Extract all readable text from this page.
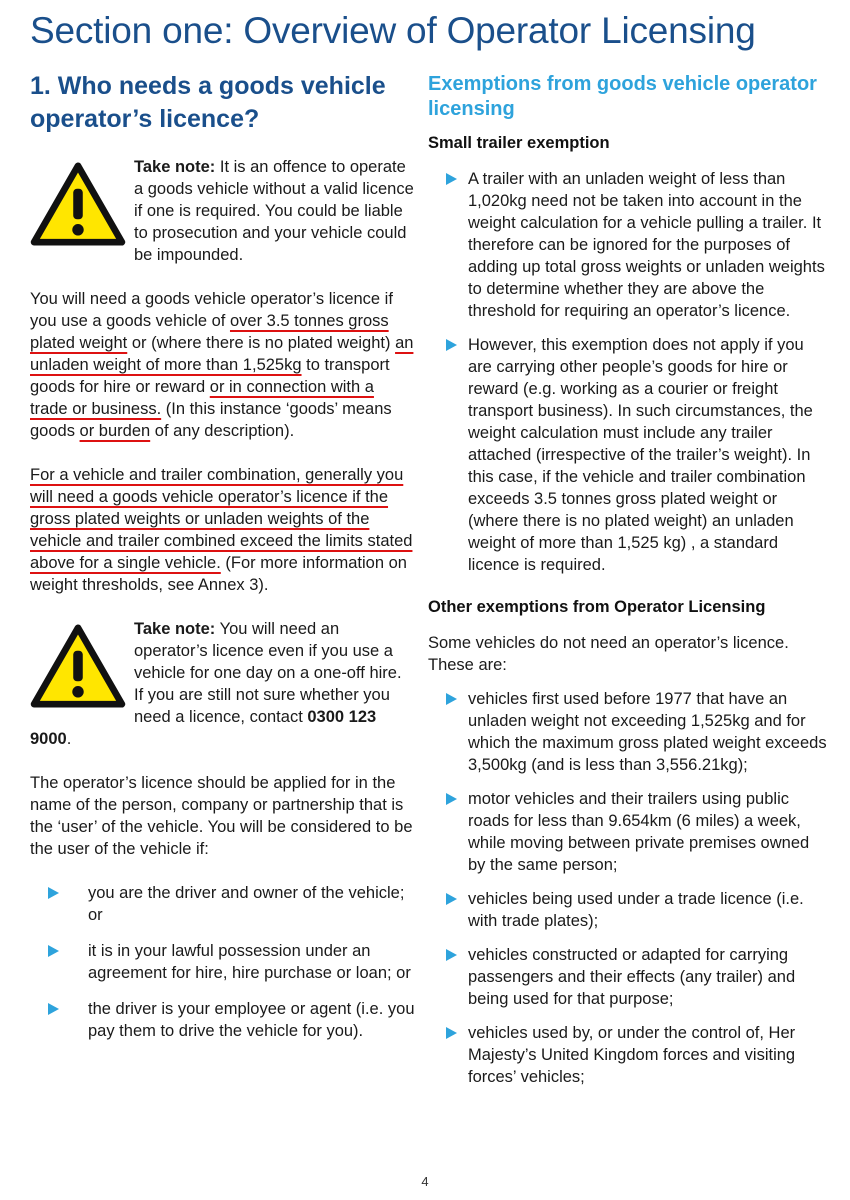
Section one: Overview of Operator Licensing
1. Who needs a goods vehicle operator’s licence?

Take note: It is an offence to operate a goods vehicle without a valid licence if one is required. You could be liable to prosecution and your vehicle could be impounded.

You will need a goods vehicle operator’s licence if you use a goods vehicle of over 3.5 tonnes gross plated weight or (where there is no plated weight) an unladen weight of more than 1,525kg to transport goods for hire or reward or in connection with a trade or business. (In this instance ‘goods’ means goods or burden of any description).

For a vehicle and trailer combination, generally you will need a goods vehicle operator’s licence if the gross plated weights or unladen weights of the vehicle and trailer combined exceed the limits stated above for a single vehicle. (For more information on weight thresholds, see Annex 3).

Take note: You will need an operator’s licence even if you use a vehicle for one day on a one-off hire. If you are still not sure whether you need a licence, contact 0300 123 9000.

The operator’s licence should be applied for in the name of the person, company or partnership that is the ‘user’ of the vehicle. You will be considered to be the user of the vehicle if:

you are the driver and owner of the vehicle; or
it is in your lawful possession under an agreement for hire, hire purchase or loan; or
the driver is your employee or agent (i.e. you pay them to drive the vehicle for you).
Exemptions from goods vehicle operator licensing
Small trailer exemption
A trailer with an unladen weight of less than 1,020kg need not be taken into account in the weight calculation for a vehicle pulling a trailer. It therefore can be ignored for the purposes of adding up total gross weights or unladen weights to determine whether they are above the threshold for requiring an operator’s licence.
However, this exemption does not apply if you are carrying other people’s goods for hire or reward (e.g. working as a courier or freight transport business). In such circumstances, the weight calculation must include any trailer attached (irrespective of the trailer’s weight). In this case, if the vehicle and trailer combination exceeds 3.5 tonnes gross plated weight or (where there is no plated weight) an unladen weight of more than 1,525 kg) , a standard licence is required.
Other exemptions from Operator Licensing

Some vehicles do not need an operator’s licence. These are:

vehicles first used before 1977 that have an unladen weight not exceeding 1,525kg and for which the maximum gross plated weight exceeds 3,500kg (and is less than 3,556.21kg);
motor vehicles and their trailers using public roads for less than 9.654km (6 miles) a week, while moving between private premises owned by the same person;
vehicles being used under a trade licence (i.e. with trade plates);
vehicles constructed or adapted for carrying passengers and their effects (any trailer) and being used for that purpose;
vehicles used by, or under the control of, Her Majesty’s United Kingdom forces and visiting forces’ vehicles;
4
